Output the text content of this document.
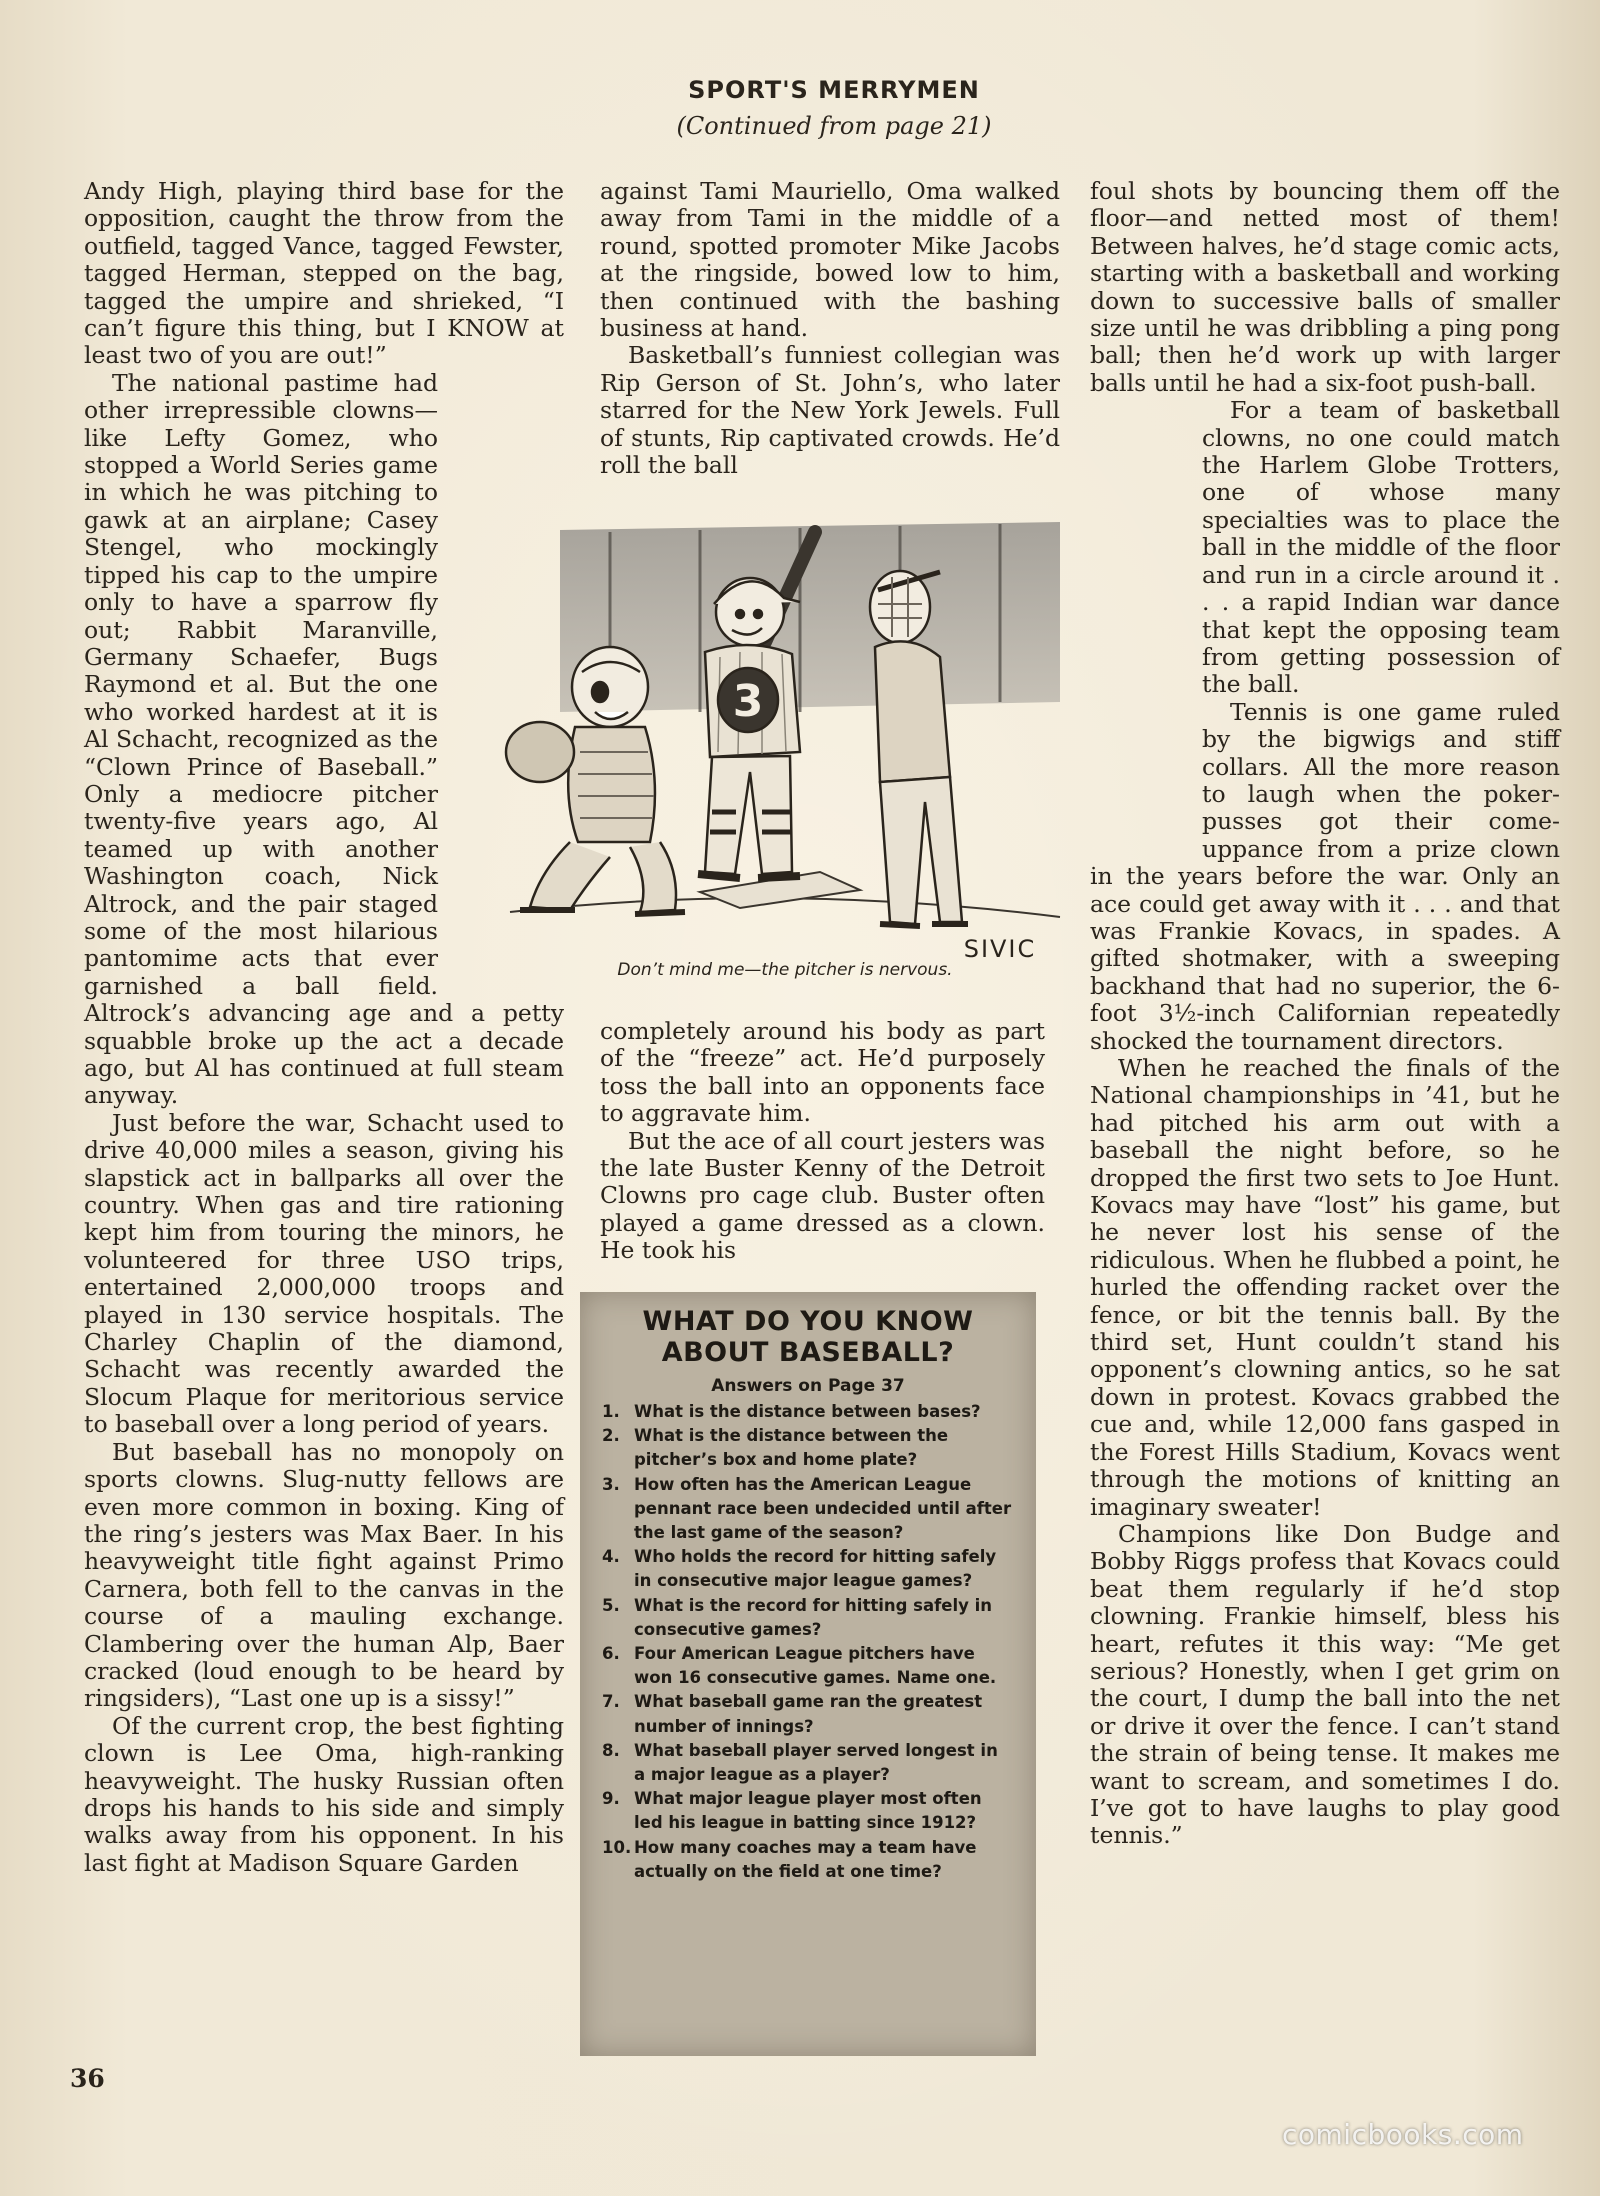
SPORT'S MERRYMEN
(Continued from page 21)

Andy High, playing third base for the opposition, caught the throw from the outfield, tagged Vance, tagged Fewster, tagged Herman, stepped on the bag, tagged the umpire and shrieked, “I can’t figure this thing, but I KNOW at least two of you are out!”

The national pastime had other irrepressible clowns—like Lefty Gomez, who stopped a World Series game in which he was pitching to gawk at an airplane; Casey Stengel, who mockingly tipped his cap to the umpire only to have a sparrow fly out; Rabbit Maranville, Germany Schaefer, Bugs Raymond et al. But the one who worked hardest at it is Al Schacht, recognized as the “Clown Prince of Baseball.” Only a mediocre pitcher twenty-five years ago, Al teamed up with another Washington coach, Nick Altrock, and the pair staged some of the most hilarious pantomime acts that ever garnished a ball field. Altrock’s advancing age and a petty squabble broke up the act a decade ago, but Al has continued at full steam anyway.

Just before the war, Schacht used to drive 40,000 miles a season, giving his slapstick act in ballparks all over the country. When gas and tire rationing kept him from touring the minors, he volunteered for three USO trips, entertained 2,000,000 troops and played in 130 service hospitals. The Charley Chaplin of the diamond, Schacht was recently awarded the Slocum Plaque for meritorious service to baseball over a long period of years.

But baseball has no monopoly on sports clowns. Slug-nutty fellows are even more common in boxing. King of the ring’s jesters was Max Baer. In his heavyweight title fight against Primo Carnera, both fell to the canvas in the course of a mauling exchange. Clambering over the human Alp, Baer cracked (loud enough to be heard by ringsiders), “Last one up is a sissy!”

Of the current crop, the best fighting clown is Lee Oma, high-ranking heavyweight. The husky Russian often drops his hands to his side and simply walks away from his opponent. In his last fight at Madison Square Garden

against Tami Mauriello, Oma walked away from Tami in the middle of a round, spotted promoter Mike Jacobs at the ringside, bowed low to him, then continued with the bashing business at hand.

Basketball’s funniest collegian was Rip Gerson of St. John’s, who later starred for the New York Jewels. Full of stunts, Rip captivated crowds. He’d roll the ball

3
SIVIC
Don’t mind me—the pitcher is nervous.

completely around his body as part of the “freeze” act. He’d purposely toss the ball into an opponents face to aggravate him.

But the ace of all court jesters was the late Buster Kenny of the Detroit Clowns pro cage club. Buster often played a game dressed as a clown. He took his

WHAT DO YOU KNOW
ABOUT BASEBALL?
Answers on Page 37
1. What is the distance between bases?
2. What is the distance between the pitcher’s box and home plate?
3. How often has the American League pennant race been undecided until after the last game of the season?
4. Who holds the record for hitting safely in consecutive major league games?
5. What is the record for hitting safely in consecutive games?
6. Four American League pitchers have won 16 consecutive games. Name one.
7. What baseball game ran the greatest number of innings?
8. What baseball player served longest in a major league as a player?
9. What major league player most often led his league in batting since 1912?
10. How many coaches may a team have actually on the field at one time?

foul shots by bouncing them off the floor—and netted most of them! Between halves, he’d stage comic acts, starting with a basketball and working down to successive balls of smaller size until he was dribbling a ping pong ball; then he’d work up with larger balls until he had a six-foot push-ball.

For a team of basketball clowns, no one could match the Harlem Globe Trotters, one of whose many specialties was to place the ball in the middle of the floor and run in a circle around it . . . a rapid Indian war dance that kept the opposing team from getting possession of the ball.

Tennis is one game ruled by the bigwigs and stiff collars. All the more reason to laugh when the poker-pusses got their come-uppance from a prize clown in the years before the war. Only an ace could get away with it . . . and that was Frankie Kovacs, in spades. A gifted shotmaker, with a sweeping backhand that had no superior, the 6-foot 3½-inch Californian repeatedly shocked the tournament directors.

When he reached the finals of the National championships in ’41, but he had pitched his arm out with a baseball the night before, so he dropped the first two sets to Joe Hunt. Kovacs may have “lost” his game, but he never lost his sense of the ridiculous. When he flubbed a point, he hurled the offending racket over the fence, or bit the tennis ball. By the third set, Hunt couldn’t stand his opponent’s clowning antics, so he sat down in protest. Kovacs grabbed the cue and, while 12,000 fans gasped in the Forest Hills Stadium, Kovacs went through the motions of knitting an imaginary sweater!

Champions like Don Budge and Bobby Riggs profess that Kovacs could beat them regularly if he’d stop clowning. Frankie himself, bless his heart, refutes it this way: “Me get serious? Honestly, when I get grim on the court, I dump the ball into the net or drive it over the fence. I can’t stand the strain of being tense. It makes me want to scream, and sometimes I do. I’ve got to have laughs to play good tennis.”

36
comicbooks.com
